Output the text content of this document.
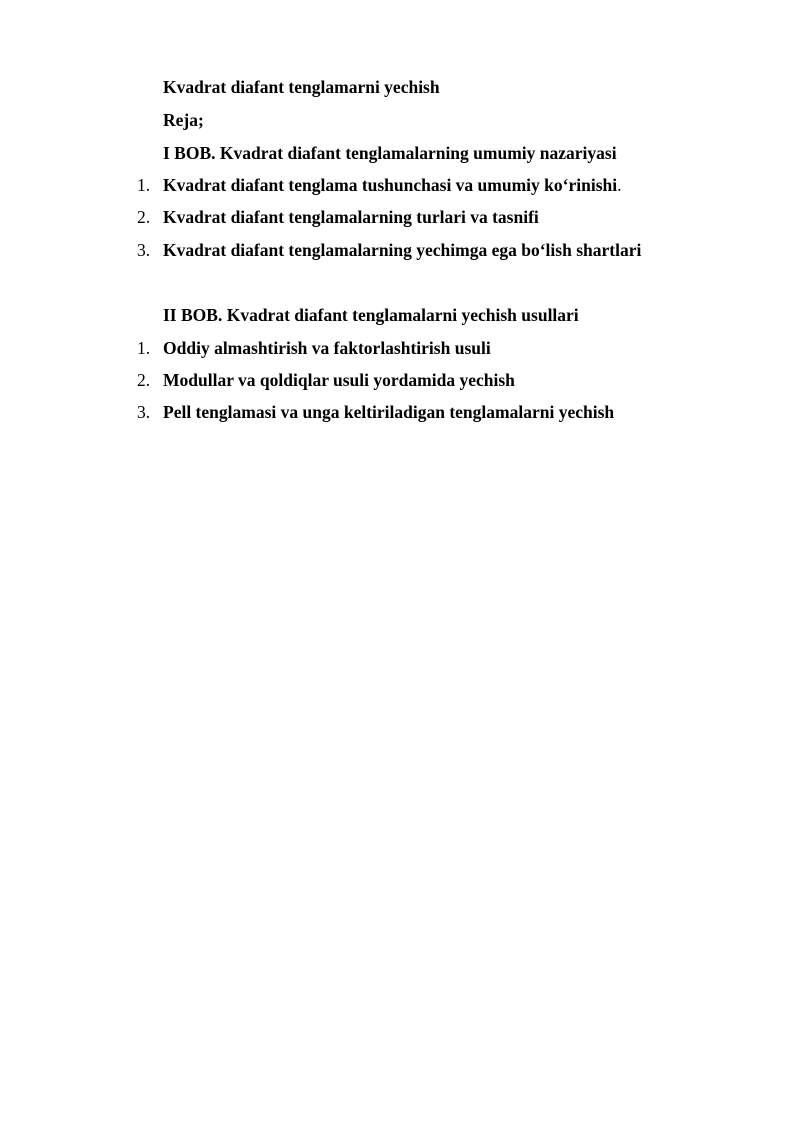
Kvadrat diafant tenglamarni yechish
Reja;
I BOB. Kvadrat diafant tenglamalarning umumiy nazariyasi
1. Kvadrat diafant tenglama tushunchasi va umumiy ko‘rinishi.
2. Kvadrat diafant tenglamalarning turlari va tasnifi
3. Kvadrat diafant tenglamalarning yechimga ega bo‘lish shartlari
II BOB. Kvadrat diafant tenglamalarni yechish usullari
1. Oddiy almashtirish va faktorlashtirish usuli
2. Modullar va qoldiqlar usuli yordamida yechish
3. Pell tenglamasi va unga keltiriladigan tenglamalarni yechish
